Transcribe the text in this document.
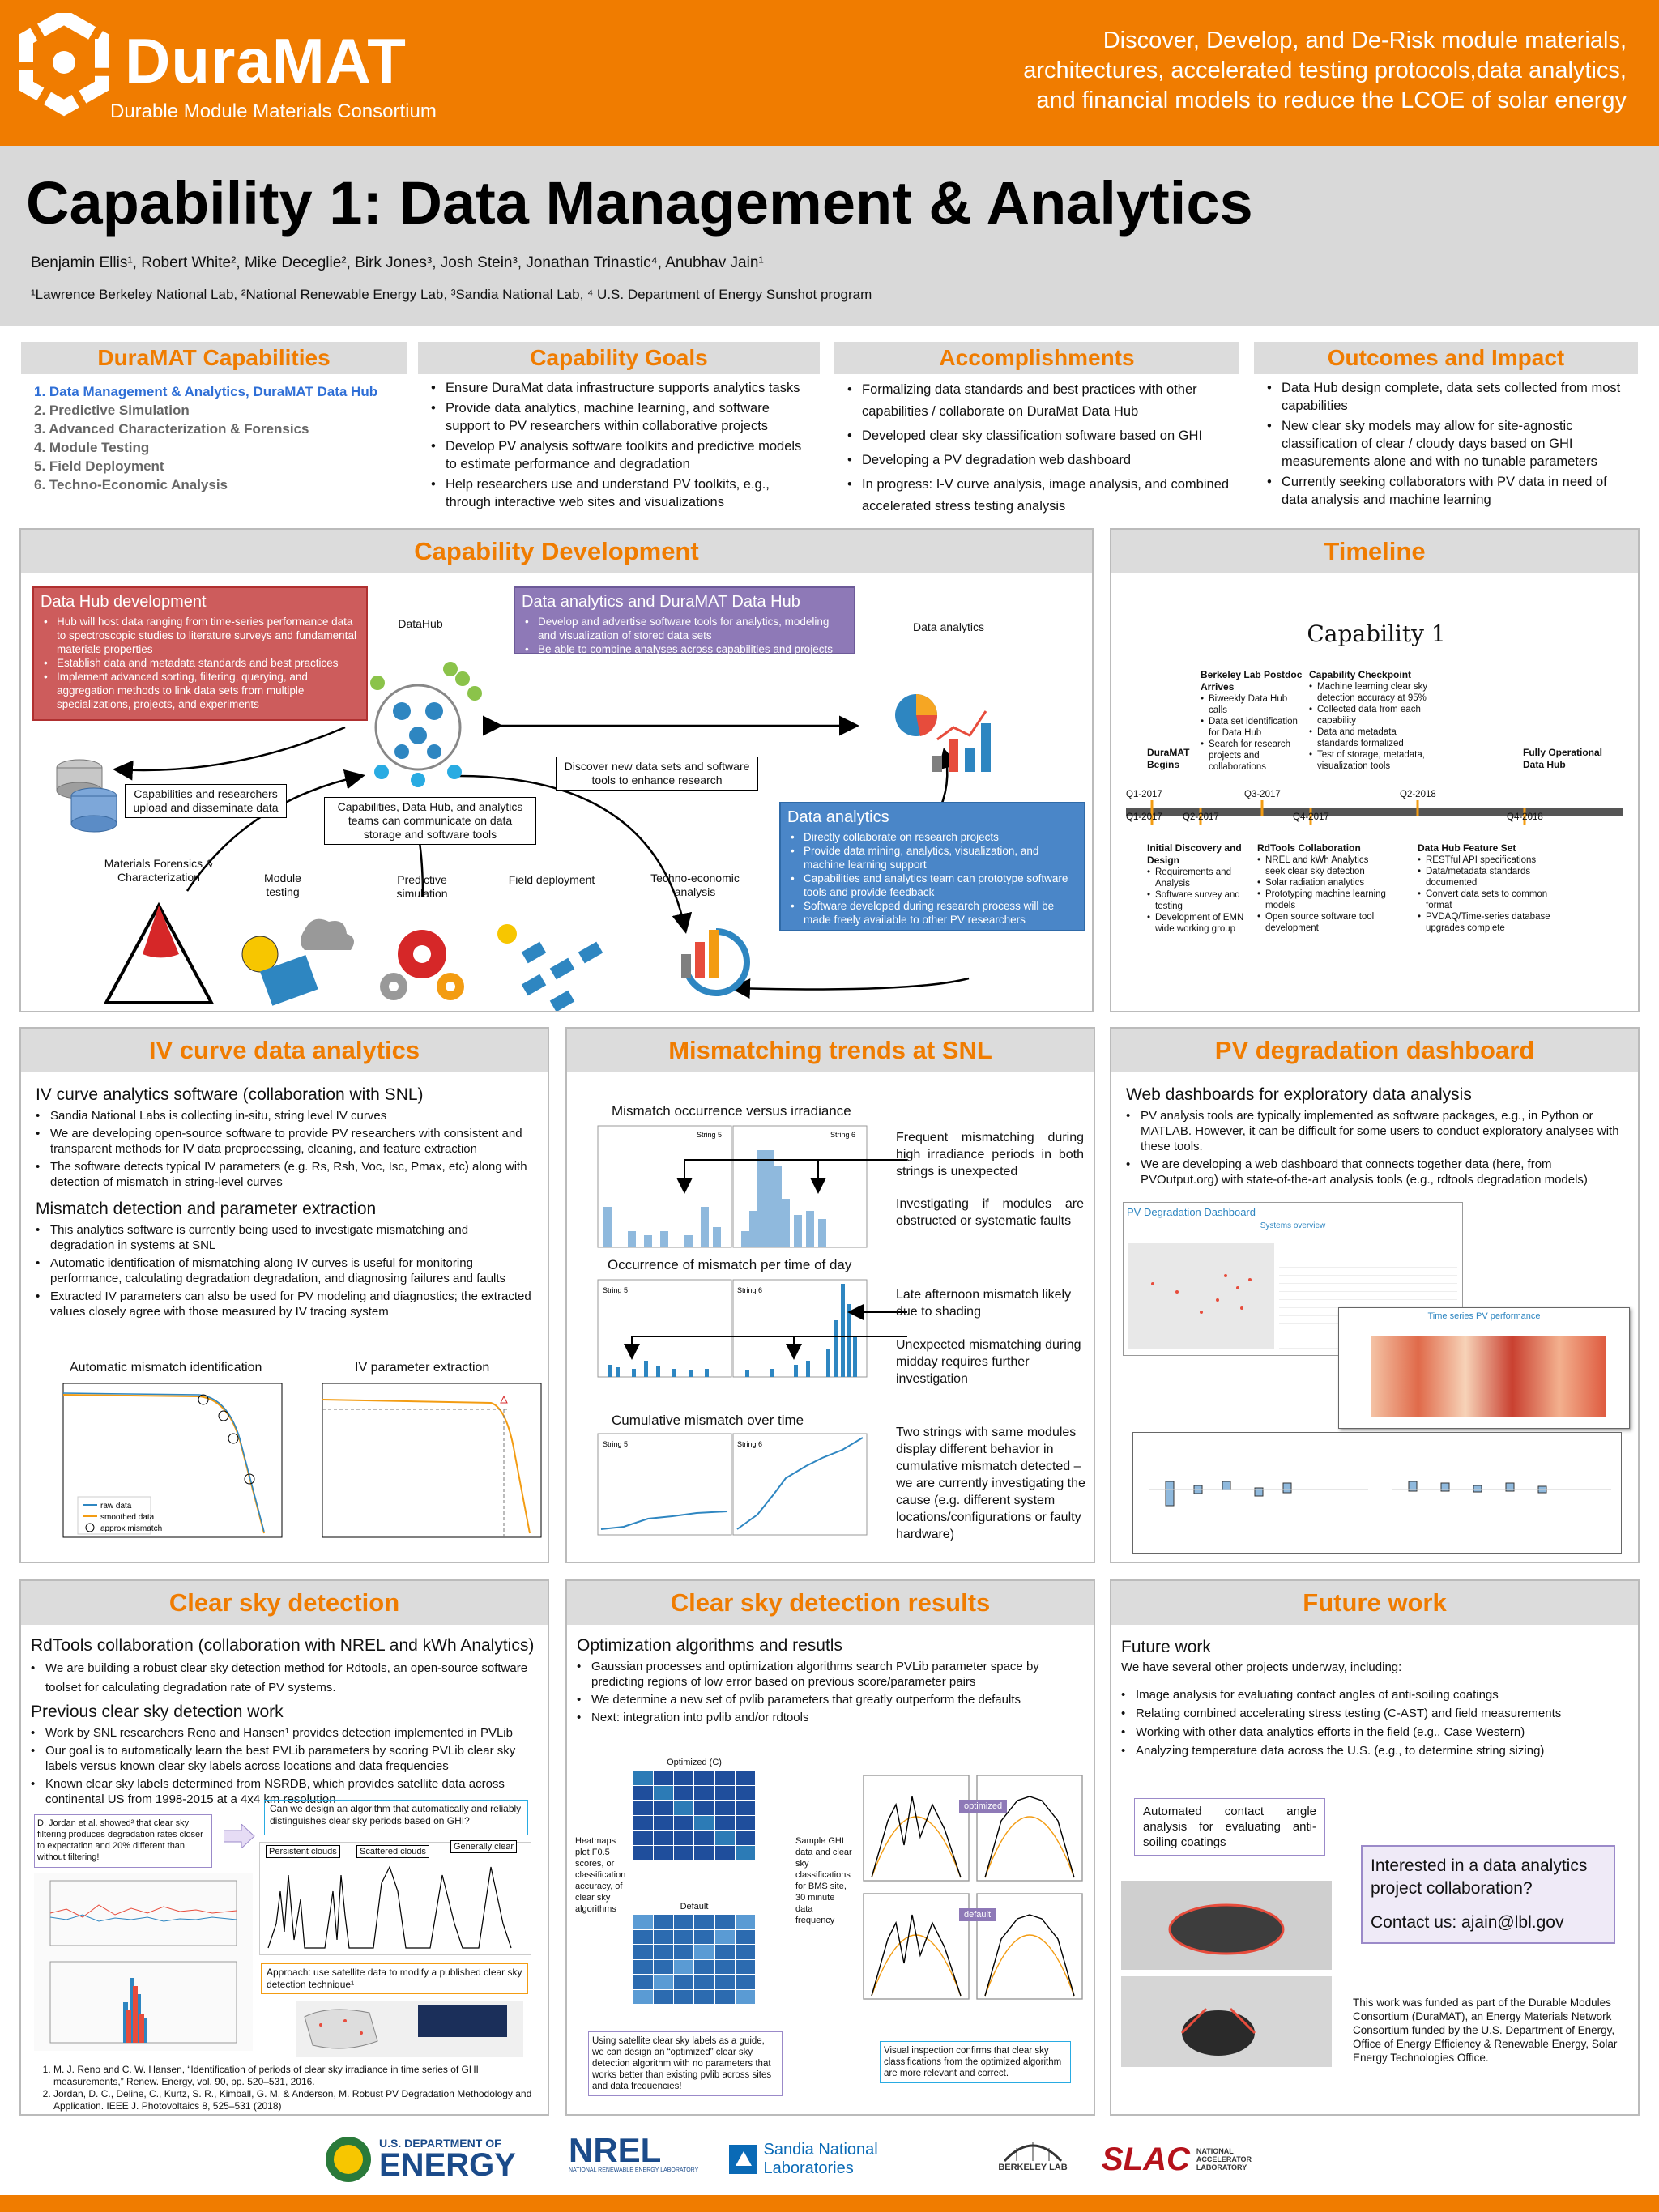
DuraMAT
Durable Module Materials Consortium
Discover, Develop, and De-Risk module materials,
architectures, accelerated testing protocols,data analytics,
and financial models to reduce the LCOE of solar energy
Capability 1: Data Management & Analytics
Benjamin Ellis¹, Robert White², Mike Deceglie², Birk Jones³, Josh Stein³, Jonathan Trinastic⁴, Anubhav Jain¹
¹Lawrence Berkeley National Lab, ²National Renewable Energy Lab, ³Sandia National Lab, ⁴ U.S. Department of Energy Sunshot program
DuraMAT Capabilities
1. Data Management & Analytics, DuraMAT Data Hub
2. Predictive Simulation
3. Advanced Characterization & Forensics
4. Module Testing
5. Field Deployment
6. Techno-Economic Analysis
Capability Goals
• Ensure DuraMat data infrastructure supports analytics tasks
• Provide data analytics, machine learning, and software support to PV researchers within collaborative projects
• Develop PV analysis software toolkits and predictive models to estimate performance and degradation
• Help researchers use and understand PV toolkits, e.g., through interactive web sites and visualizations
Accomplishments
• Formalizing data standards and best practices with other capabilities / collaborate on DuraMat Data Hub
• Developed clear sky classification software based on GHI
• Developing a PV degradation web dashboard
• In progress: I-V curve analysis, image analysis, and combined accelerated stress testing analysis
Outcomes and Impact
• Data Hub design complete, data sets collected from most capabilities
• New clear sky models may allow for site-agnostic classification of clear / cloudy days based on GHI measurements alone and with no tunable parameters
• Currently seeking collaborators with PV data in need of data analysis and machine learning
Capability Development
Data Hub development
• Hub will host data ranging from time-series performance data to spectroscopic studies to literature surveys and fundamental materials properties
• Establish data and metadata standards and best practices
• Implement advanced sorting, filtering, querying, and aggregation methods to link data sets from multiple specializations, projects, and experiments
Data analytics and DuraMAT Data Hub
• Develop and advertise software tools for analytics, modeling and visualization of stored data sets
• Be able to combine analyses across capabilities and projects
Data analytics
• Directly collaborate on research projects
• Provide data mining, analytics, visualization, and machine learning support
• Capabilities and analytics team can prototype software tools and provide feedback
• Software developed during research process will be made freely available to other PV researchers
DataHub	Data analytics
Capabilities and researchers upload and disseminate data	Capabilities, Data Hub, and analytics teams can communicate on data storage and software tools
Discover new data sets and software tools to enhance research
Materials Forensics & Characterization	Module testing
Predictive simulation
Field deployment	Techno-economic analysis
Timeline
Capability 1
Q1-2017	Q3-2017	Q2-2018
Q1-2017 Q2-2017	Q4-2017	Q4-2018
DuraMAT Begins
Berkeley Lab Postdoc Arrives
• Biweekly Data Hub calls
• Data set identification for Data Hub
• Search for research projects and collaborations
Capability Checkpoint
• Machine learning clear sky detection accuracy at 95%
• Collected data from each capability
• Data and metadata standards formalized
• Test of storage, metadata, visualization tools
Fully Operational Data Hub
Initial Discovery and Design
• Requirements and Analysis
• Software survey and testing
• Development of EMN wide working group
RdTools Collaboration
• NREL and kWh Analytics seek clear sky detection
• Solar radiation analytics
• Prototyping machine learning models
• Open source software tool development
Data Hub Feature Set
• RESTful API specifications
• Data/metadata standards documented
• Convert data sets to common format
• PVDAQ/Time-series database upgrades complete
IV curve data analytics
IV curve analytics software (collaboration with SNL)
• Sandia National Labs is collecting in-situ, string level IV curves
• We are developing open-source software to provide PV researchers with consistent and transparent methods for IV data preprocessing, cleaning, and feature extraction
• The software detects typical IV parameters (e.g. Rs, Rsh, Voc, Isc, Pmax, etc) along with detection of mismatch in string-level curves
Mismatch detection and parameter extraction
• This analytics software is currently being used to investigate mismatching and degradation in systems at SNL
• Automatic identification of mismatching along IV curves is useful for monitoring performance, calculating degradation degradation, and diagnosing failures and faults
• Extracted IV parameters can also be used for PV modeling and diagnostics; the extracted values closely agree with those measured by IV tracing system
Automatic mismatch identification	IV parameter extraction
raw data
smoothed data
approx mismatch
Mismatching trends at SNL
Mismatch occurrence versus irradiance
Occurrence of mismatch per time of day
Cumulative mismatch over time
String 5	String 6
String 5	String 6
String 5	String 6
Frequent mismatching during high irradiance periods in both strings is unexpected
Investigating if modules are obstructed or systematic faults
Late afternoon mismatch likely due to shading
Unexpected mismatching during midday requires further investigation
Two strings with same modules display different behavior in cumulative mismatch detected – we are currently investigating the cause (e.g. different system locations/configurations or faulty hardware)
PV degradation dashboard
Web dashboards for exploratory data analysis
• PV analysis tools are typically implemented as software packages, e.g., in Python or MATLAB. However, it can be difficult for some users to conduct exploratory analyses with these tools.
• We are developing a web dashboard that connects together data (here, from PVOutput.org) with state-of-the-art analysis tools (e.g., rdtools degradation models)
PV Degradation Dashboard
Systems overview
Time series PV performance
Clear sky detection
RdTools collaboration (collaboration with NREL and kWh Analytics)
• We are building a robust clear sky detection method for Rdtools, an open-source software toolset for calculating degradation rate of PV systems.
Previous clear sky detection work
• Work by SNL researchers Reno and Hansen¹ provides detection implemented in PVLib
• Our goal is to automatically learn the best PVLib parameters by scoring PVLib clear sky labels versus known clear sky labels across locations and data frequencies
• Known clear sky labels determined from NSRDB, which provides satellite data across continental US from 1998-2015 at a 4x4 km resolution
D. Jordan et al. showed² that clear sky filtering produces degradation rates closer to expectation and 20% different than without filtering!
Can we design an algorithm that automatically and reliably distinguishes clear sky periods based on GHI?
Persistent clouds	Scattered clouds	Generally clear
Approach: use satellite data to modify a published clear sky detection technique¹
1. M. J. Reno and C. W. Hansen, “Identification of periods of clear sky irradiance in time series of GHI measurements,” Renew. Energy, vol. 90, pp. 520–531, 2016.
2. Jordan, D. C., Deline, C., Kurtz, S. R., Kimball, G. M. & Anderson, M. Robust PV Degradation Methodology and Application. IEEE J. Photovoltaics 8, 525–531 (2018)
Clear sky detection results
Optimization algorithms and resutls
• Gaussian processes and optimization algorithms search PVLib parameter space by predicting regions of low error based on previous score/parameter pairs
• We determine a new set of pvlib parameters that greatly outperform the defaults
• Next: integration into pvlib and/or rdtools
Heatmaps plot F0.5 scores, or classification accuracy, of clear sky algorithms
Optimized (C)
Default
Sample GHI data and clear sky classifications for BMS site, 30 minute data frequency
optimized
default
Using satellite clear sky labels as a guide, we can design an “optimized” clear sky detection algorithm with no parameters that works better than existing pvlib across sites and data frequencies!
Visual inspection confirms that clear sky classifications from the optimized algorithm are more relevant and correct.
Future work
Future work
We have several other projects underway, including:
• Image analysis for evaluating contact angles of anti-soiling coatings
• Relating combined accelerating stress testing (C-AST) and field measurements
• Working with other data analytics efforts in the field (e.g., Case Western)
• Analyzing temperature data across the U.S. (e.g., to determine string sizing)
Automated contact angle analysis for evaluating anti-soiling coatings
Interested in a data analytics project collaboration?
Contact us: ajain@lbl.gov
This work was funded as part of the Durable Modules Consortium (DuraMAT), an Energy Materials Network Consortium funded by the U.S. Department of Energy, Office of Energy Efficiency & Renewable Energy, Solar Energy Technologies Office.
U.S. DEPARTMENT OF
ENERGY NREL
NATIONAL RENEWABLE ENERGY LABORATORY
Sandia National Laboratories	BERKELEY LAB SLAC NATIONAL ACCELERATOR LABORATORY
